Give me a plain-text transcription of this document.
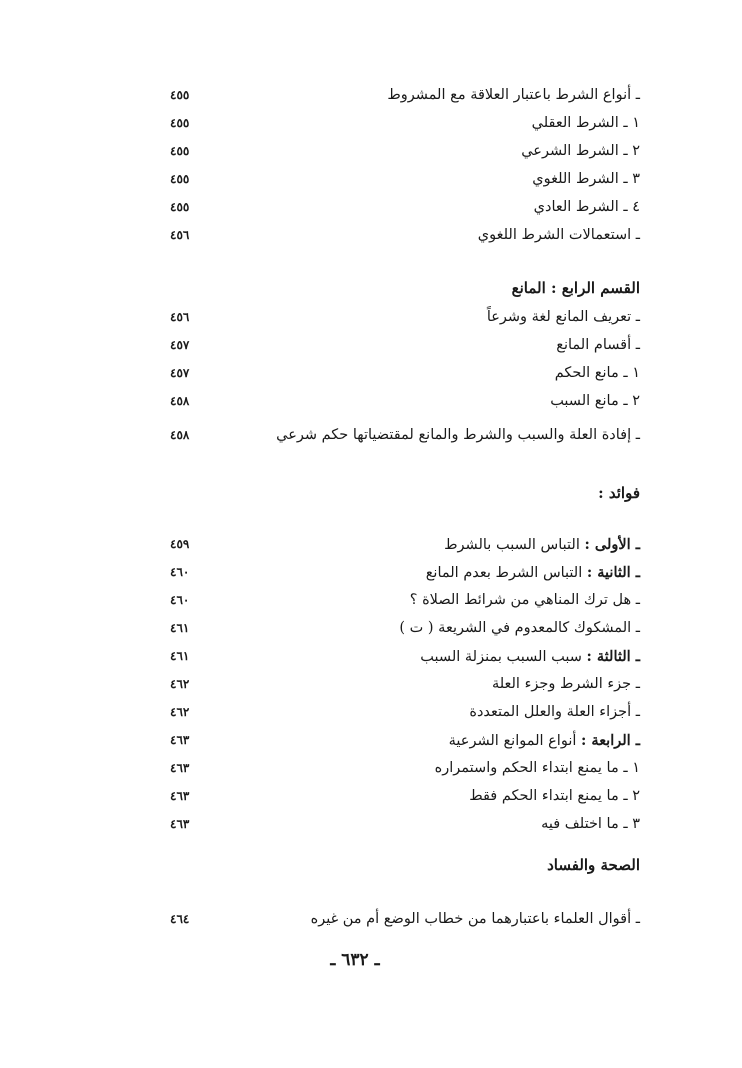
ـ أنواع الشرط باعتبار العلاقة مع المشروط
٤٥٥
١ ـ الشرط العقلي
٤٥٥
٢ ـ الشرط الشرعي
٤٥٥
٣ ـ الشرط اللغوي
٤٥٥
٤ ـ الشرط العادي
٤٥٥
ـ استعمالات الشرط اللغوي
٤٥٦
القسم الرابع : المانع
ـ تعريف المانع لغة وشرعاً
٤٥٦
ـ أقسام المانع
٤٥٧
١ ـ مانع الحكم
٤٥٧
٢ ـ مانع السبب
٤٥٨
ـ إفادة العلة والسبب والشرط والمانع لمقتضياتها حكم شرعي
٤٥٨
فوائد :
ـ الأولى : التباس السبب بالشرط
٤٥٩
ـ الثانية : التباس الشرط بعدم المانع
٤٦٠
ـ هل ترك المناهي من شرائط الصلاة ؟
٤٦٠
ـ المشكوك كالمعدوم في الشريعة ( ت )
٤٦١
ـ الثالثة : سبب السبب بمنزلة السبب
٤٦١
ـ جزء الشرط وجزء العلة
٤٦٢
ـ أجزاء العلة والعلل المتعددة
٤٦٢
ـ الرابعة : أنواع الموانع الشرعية
٤٦٣
١ ـ ما يمنع ابتداء الحكم واستمراره
٤٦٣
٢ ـ ما يمنع ابتداء الحكم فقط
٤٦٣
٣ ـ ما اختلف فيه
٤٦٣
الصحة والفساد
ـ أقوال العلماء باعتبارهما من خطاب الوضع أم من غيره
٤٦٤
ـ ٦٣٢ ـ
